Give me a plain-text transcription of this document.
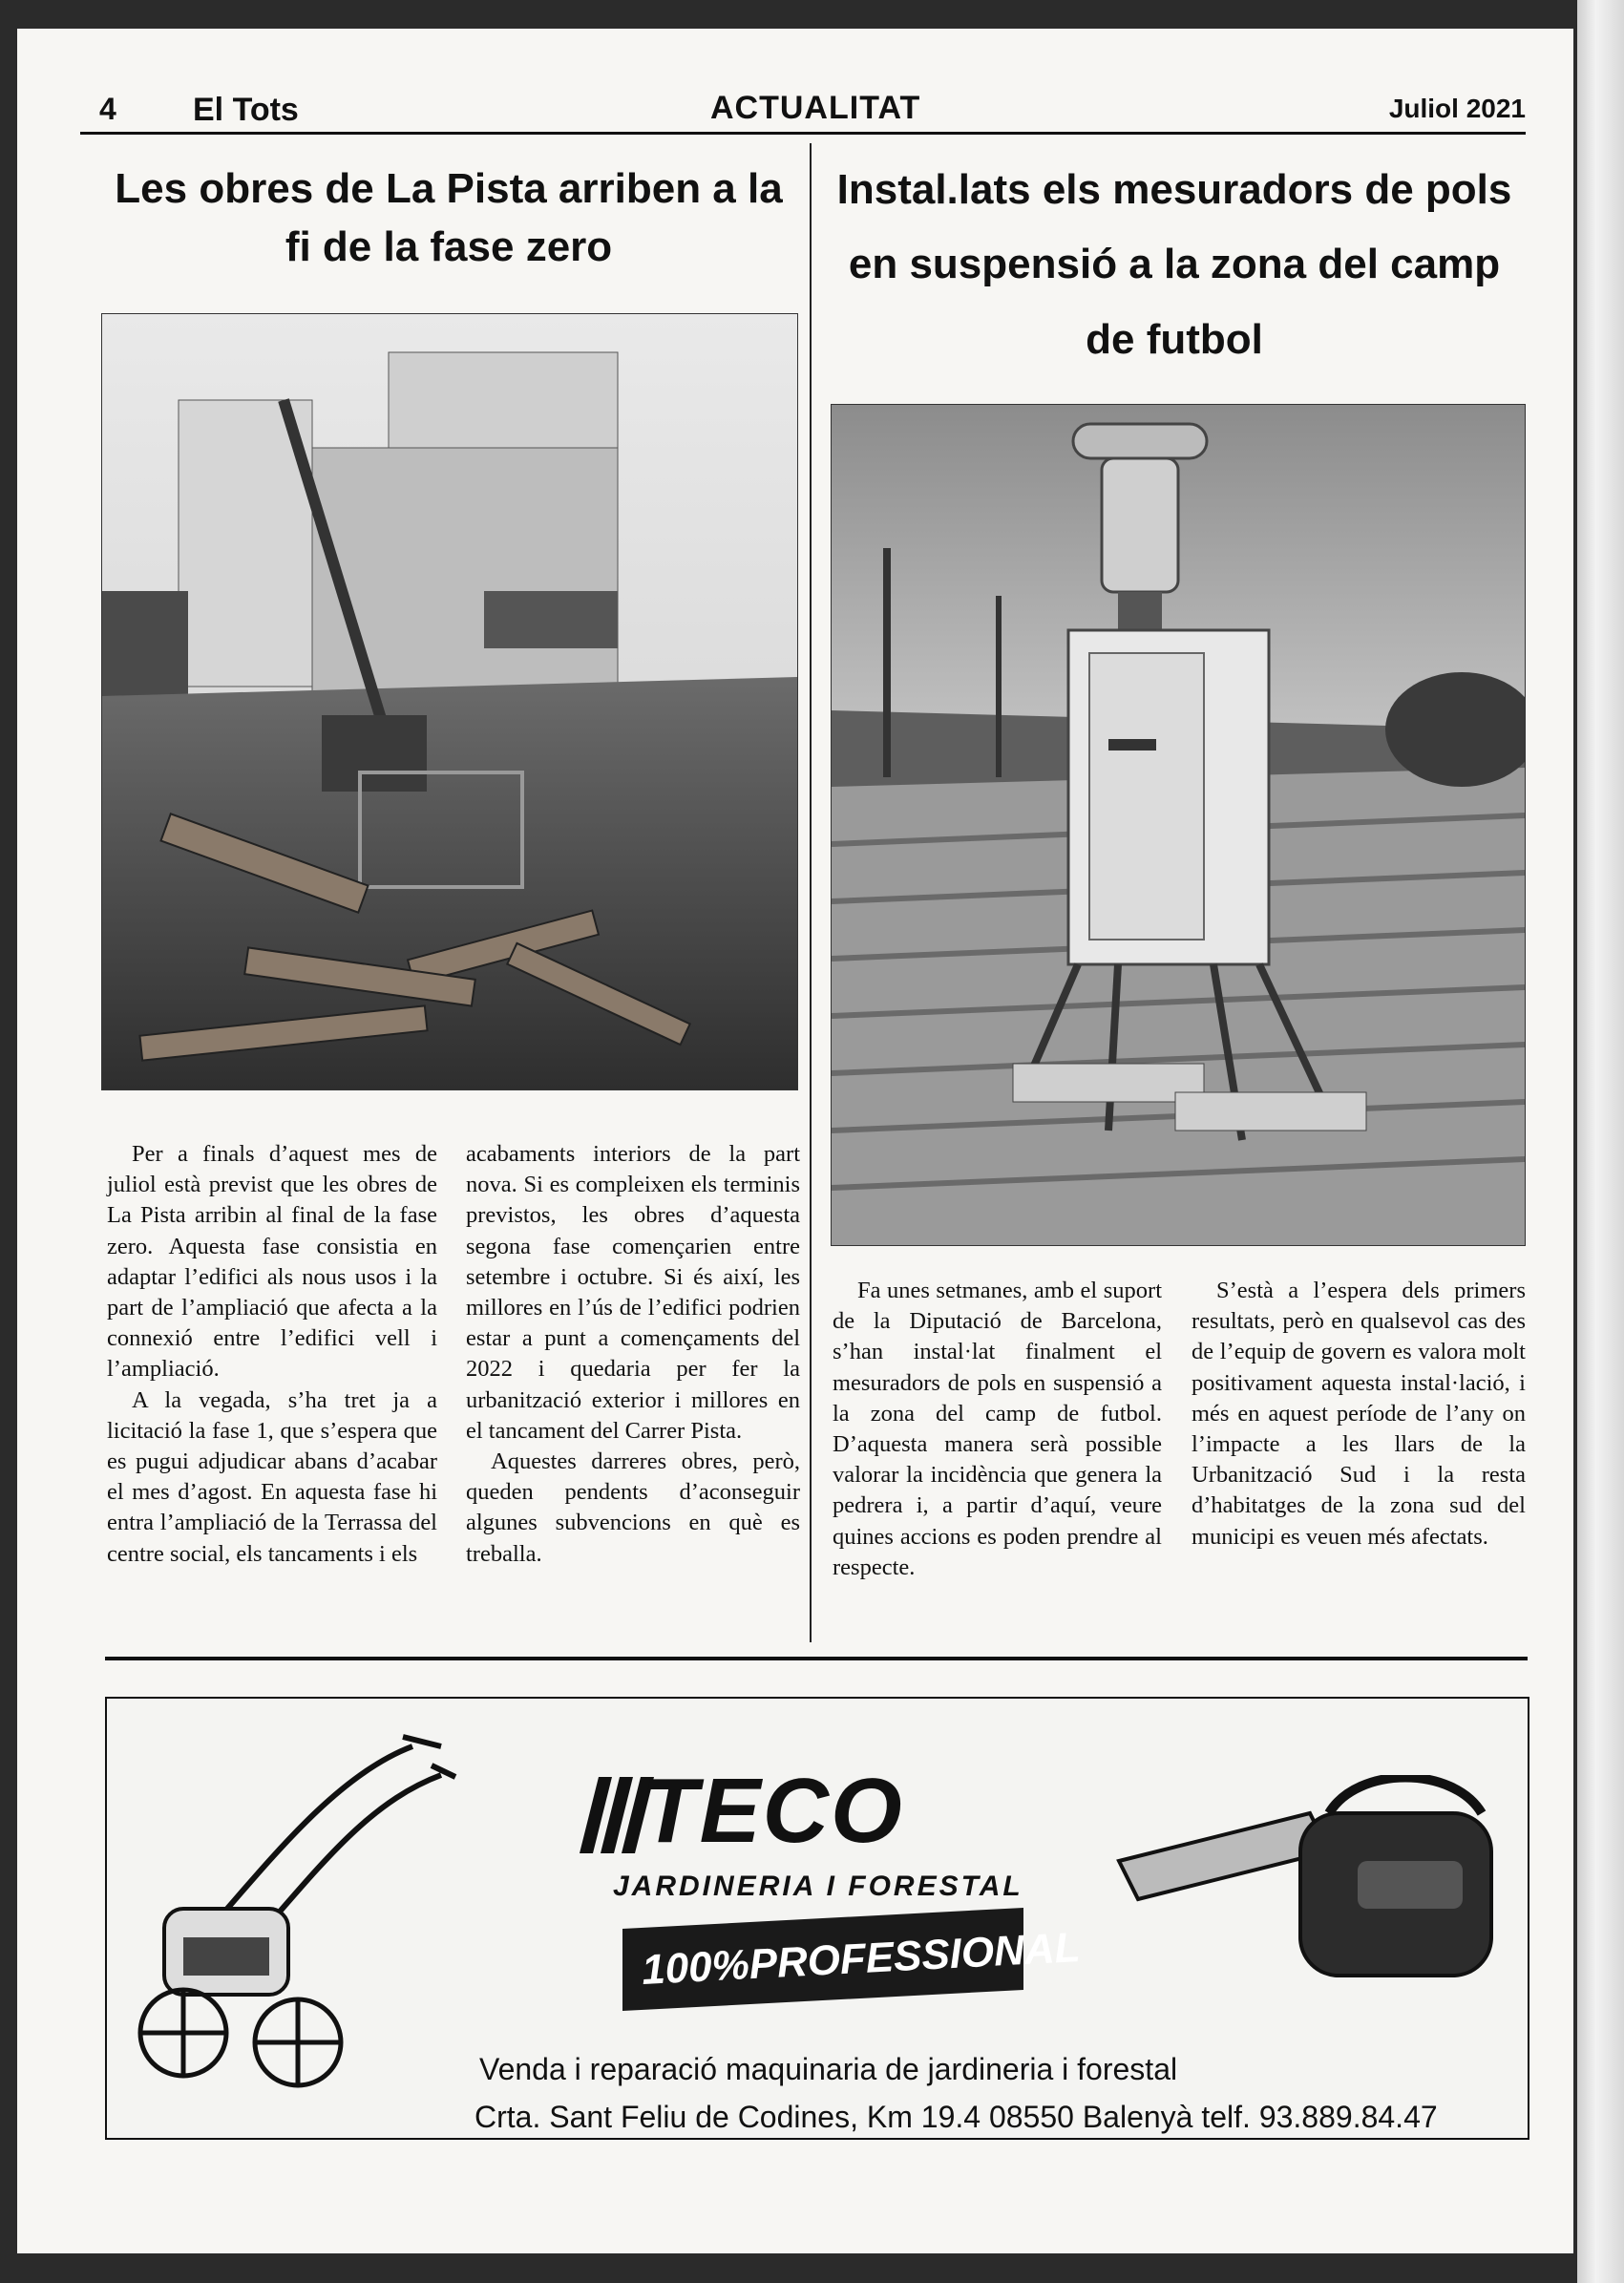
4 El Tots	ACTUALITAT	Juliol 2021
Les obres de La Pista arriben a la fi de la fase zero
Instal.lats els mesuradors de pols en suspensió a la zona del camp de futbol

Per a finals d’aquest mes de juliol està previst que les obres de La Pista arribin al final de la fase zero. Aquesta fase consistia en adaptar l’edifici als nous usos i la part de l’ampliació que afecta a la connexió entre l’edifici vell i l’ampliació.

A la vegada, s’ha tret ja a licitació la fase 1, que s’espera que es pugui adjudicar abans d’acabar el mes d’agost. En aquesta fase hi entra l’ampliació de la Terrassa del centre social, els tancaments i els

acabaments interiors de la part nova. Si es compleixen els terminis previstos, les obres d’aquesta segona fase començarien entre setembre i octubre. Si és així, les millores en l’ús de l’edifici podrien estar a punt a començaments del 2022 i quedaria per fer la urbanització exterior i millores en el tancament del Carrer Pista.

Aquestes darreres obres, però, queden pendents d’aconseguir algunes subvencions en què es treballa.

Fa unes setmanes, amb el suport de la Diputació de Barcelona, s’han instal·lat finalment el mesuradors de pols en suspensió a la zona del camp de futbol. D’aquesta manera serà possible valorar la incidència que genera la pedrera i, a partir d’aquí, veure quines accions es poden prendre al respecte.

S’està a l’espera dels primers resultats, però en qualsevol cas des de l’equip de govern es valora molt positivament aquesta instal·lació, i més en aquest període de l’any on l’impacte a les llars de la Urbanització Sud i la resta d’habitatges de la zona sud del municipi es veuen més afectats.

TECO
JARDINERIA I FORESTAL
100%PROFESSIONAL
Venda i reparació maquinaria de jardineria i forestal
Crta. Sant Feliu de Codines, Km 19.4 08550 Balenyà telf. 93.889.84.47
